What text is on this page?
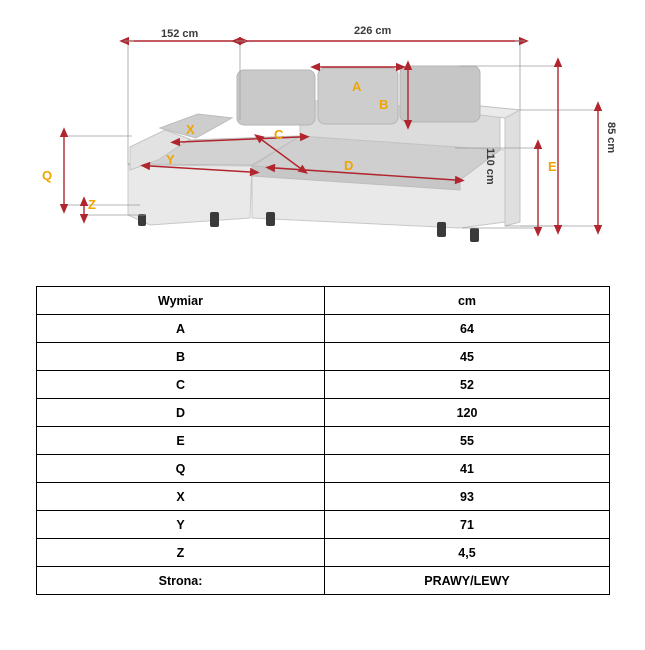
152 cm	226 cm
85 cm
110 cm
A
B
C
D	E
Q
X
Y
Z
Wymiar	cm
A	64
B	45
C	52
D	120
E	55
Q	41
X	93
Y	71
Z	4,5
Strona:	PRAWY/LEWY
